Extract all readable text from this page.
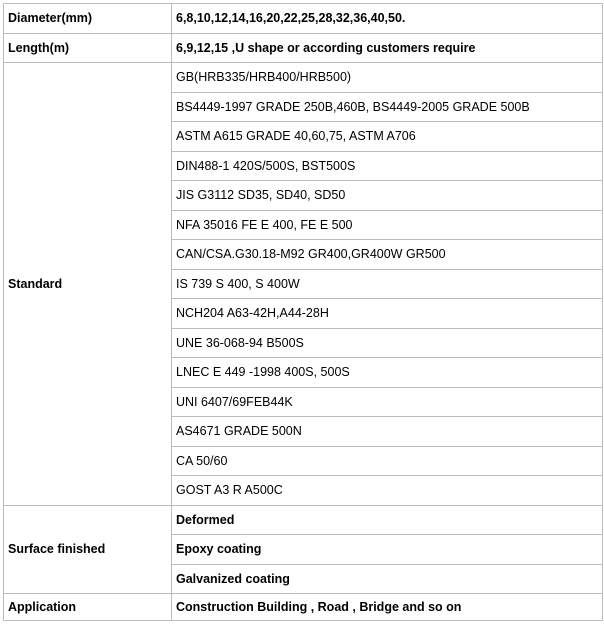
Diameter(mm)	6,8,10,12,14,16,20,22,25,28,32,36,40,50.
Length(m)	6,9,12,15 ,U shape or according customers require
Standard	GB(HRB335/HRB400/HRB500)
	BS4449-1997 GRADE 250B,460B, BS4449-2005 GRADE 500B
	ASTM A615 GRADE 40,60,75, ASTM A706
	DIN488-1 420S/500S, BST500S
	JIS G3112 SD35, SD40, SD50
	NFA 35016 FE E 400, FE E 500
	CAN/CSA.G30.18-M92 GR400,GR400W GR500
	IS 739 S 400, S 400W
	NCH204 A63-42H,A44-28H
	UNE 36-068-94 B500S
	LNEC E 449 -1998 400S, 500S
	UNI 6407/69FEB44K
	AS4671 GRADE 500N
	CA 50/60
	GOST A3 R A500C
Surface finished	Deformed
	Epoxy coating
	Galvanized coating
Application	Construction Building , Road , Bridge and so on
